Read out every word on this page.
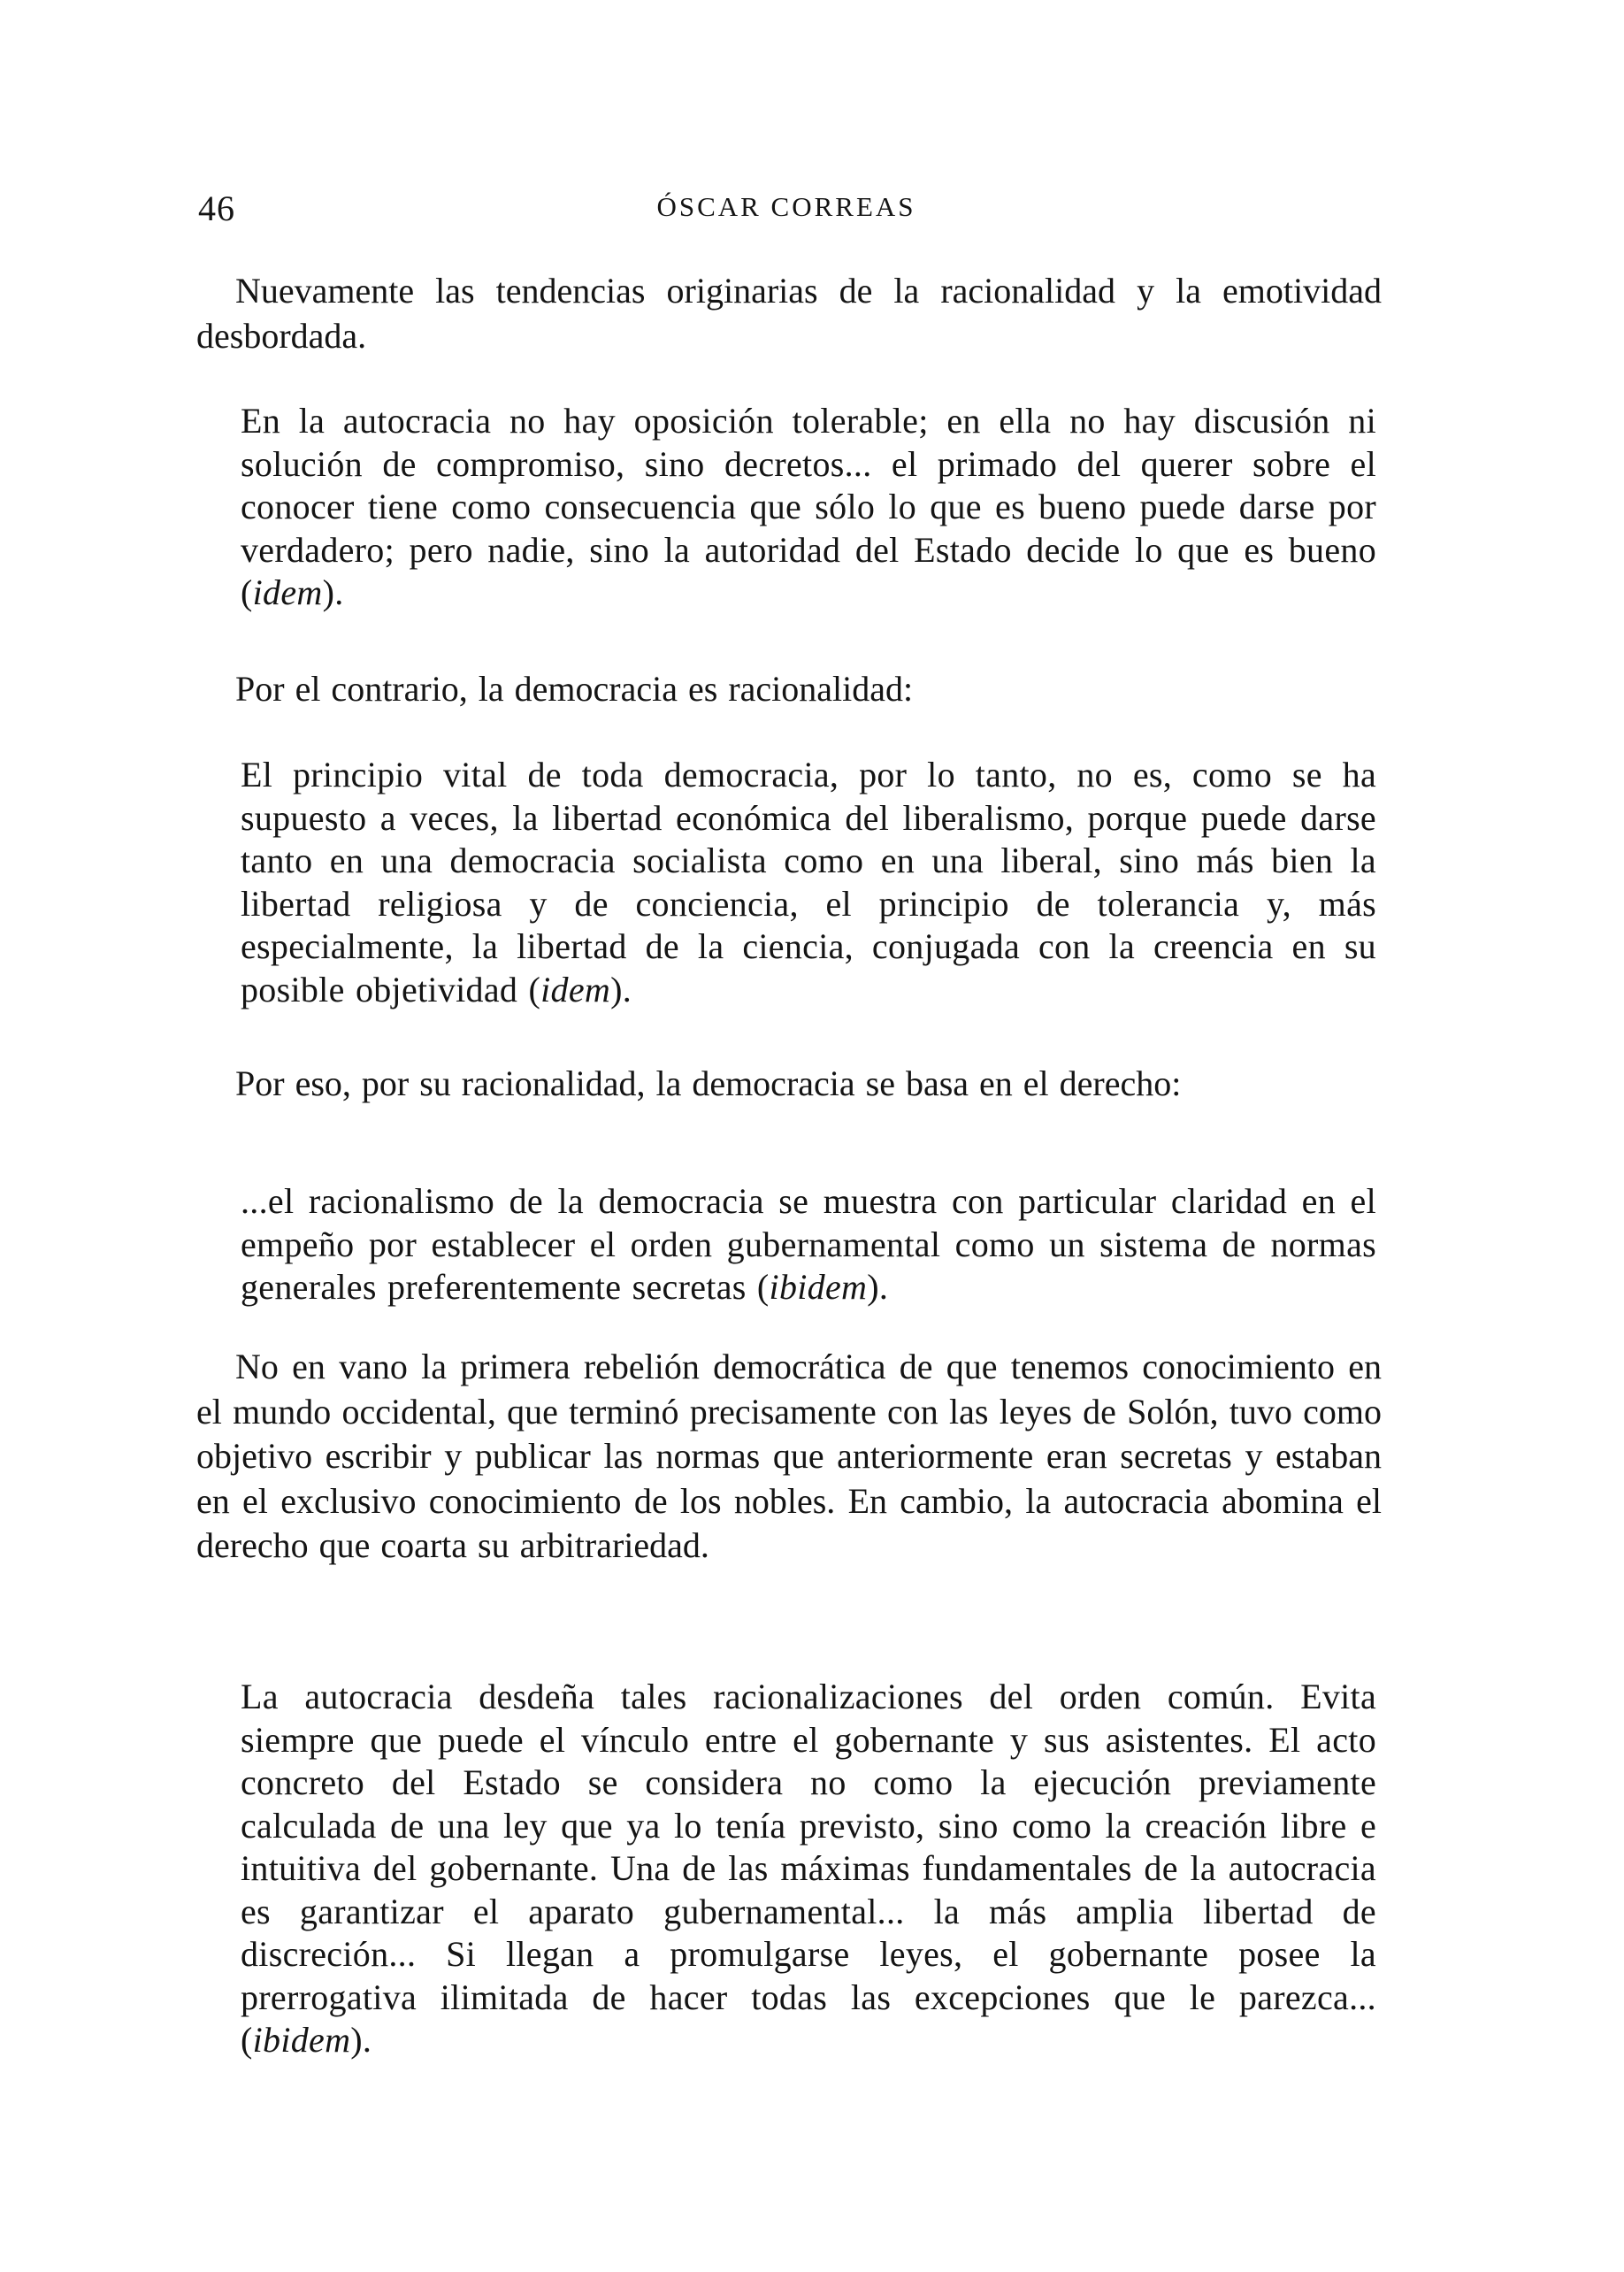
46	ÓSCAR CORREAS

Nuevamente las tendencias originarias de la racionalidad y la emotividad desbordada.

En la autocracia no hay oposición tolerable; en ella no hay discusión ni solución de compromiso, sino decretos... el primado del querer sobre el conocer tiene como consecuencia que sólo lo que es bueno puede darse por verdadero; pero nadie, sino la autoridad del Estado decide lo que es bueno (idem).

Por el contrario, la democracia es racionalidad:

El principio vital de toda democracia, por lo tanto, no es, como se ha supuesto a veces, la libertad económica del liberalismo, porque puede darse tanto en una democracia socialista como en una liberal, sino más bien la libertad religiosa y de conciencia, el principio de tolerancia y, más especialmente, la libertad de la ciencia, conjugada con la creencia en su posible objetividad (idem).

Por eso, por su racionalidad, la democracia se basa en el derecho:

...el racionalismo de la democracia se muestra con particular claridad en el empeño por establecer el orden gubernamental como un sistema de normas generales preferentemente secretas (ibidem).

No en vano la primera rebelión democrática de que tenemos conocimiento en el mundo occidental, que terminó precisamente con las leyes de Solón, tuvo como objetivo escribir y publicar las normas que anteriormente eran secretas y estaban en el exclusivo conocimiento de los nobles. En cambio, la autocracia abomina el derecho que coarta su arbitrariedad.

La autocracia desdeña tales racionalizaciones del orden común. Evita siempre que puede el vínculo entre el gobernante y sus asistentes. El acto concreto del Estado se considera no como la ejecución previamente calculada de una ley que ya lo tenía previsto, sino como la creación libre e intuitiva del gobernante. Una de las máximas fundamentales de la autocracia es garantizar el aparato gubernamental... la más amplia libertad de discreción... Si llegan a promulgarse leyes, el gobernante posee la prerrogativa ilimitada de hacer todas las excepciones que le parezca... (ibidem).
